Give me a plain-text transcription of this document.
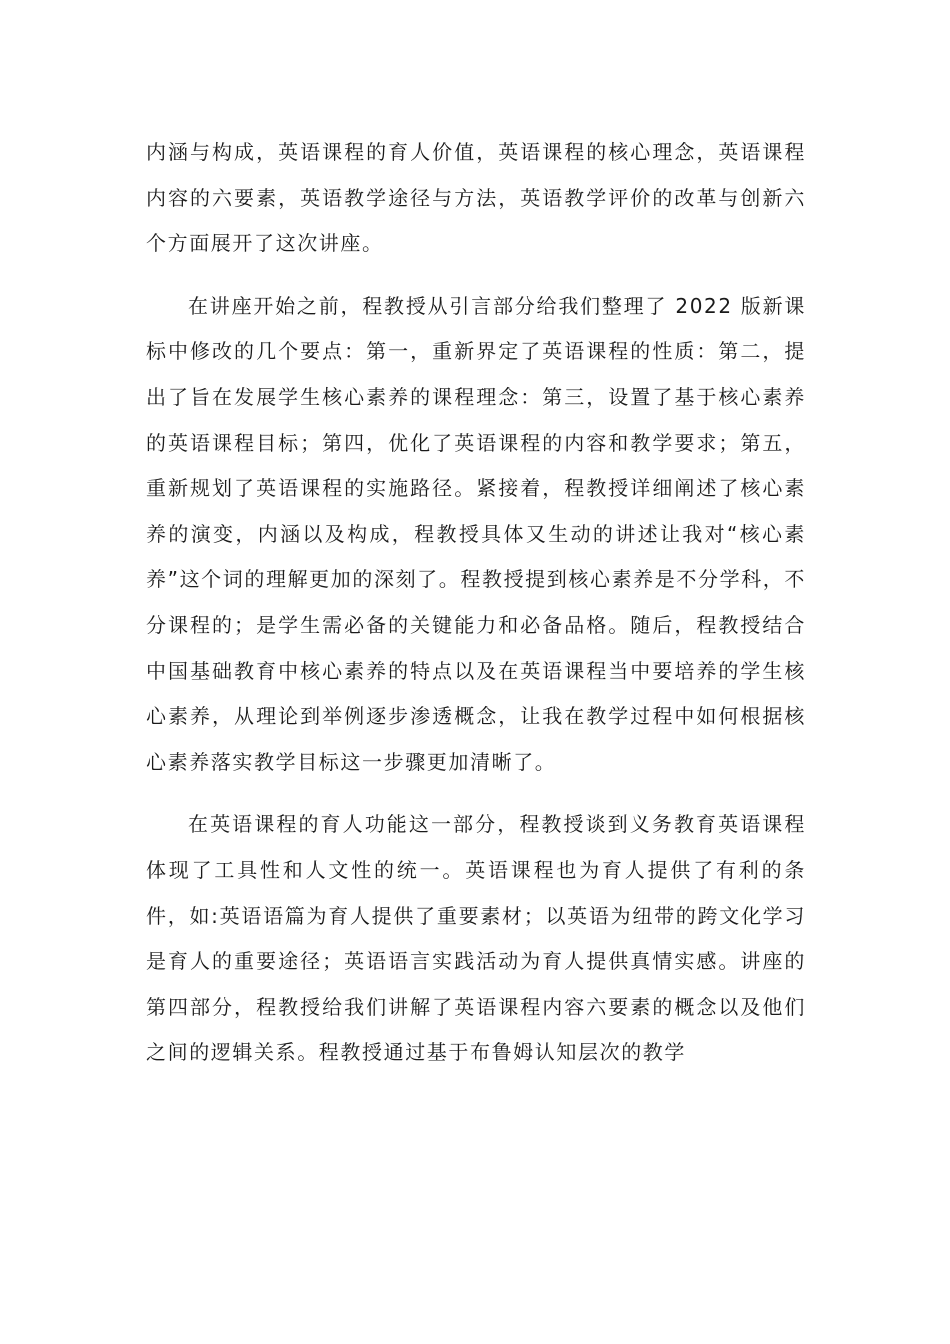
内涵与构成，英语课程的育人价值，英语课程的核心理念，英语课程内容的六要素，英语教学途径与方法，英语教学评价的改革与创新六个方面展开了这次讲座。

在讲座开始之前，程教授从引言部分给我们整理了 2022 版新课标中修改的几个要点：第一，重新界定了英语课程的性质：第二，提出了旨在发展学生核心素养的课程理念：第三，设置了基于核心素养的英语课程目标；第四，优化了英语课程的内容和教学要求；第五，重新规划了英语课程的实施路径。紧接着，程教授详细阐述了核心素养的演变，内涵以及构成，程教授具体又生动的讲述让我对“核心素养”这个词的理解更加的深刻了。程教授提到核心素养是不分学科，不分课程的；是学生需必备的关键能力和必备品格。随后，程教授结合中国基础教育中核心素养的特点以及在英语课程当中要培养的学生核心素养，从理论到举例逐步渗透概念，让我在教学过程中如何根据核心素养落实教学目标这一步骤更加清晰了。

在英语课程的育人功能这一部分，程教授谈到义务教育英语课程体现了工具性和人文性的统一。英语课程也为育人提供了有利的条件，如:英语语篇为育人提供了重要素材；以英语为纽带的跨文化学习是育人的重要途径；英语语言实践活动为育人提供真情实感。讲座的第四部分，程教授给我们讲解了英语课程内容六要素的概念以及他们之间的逻辑关系。程教授通过基于布鲁姆认知层次的教学
